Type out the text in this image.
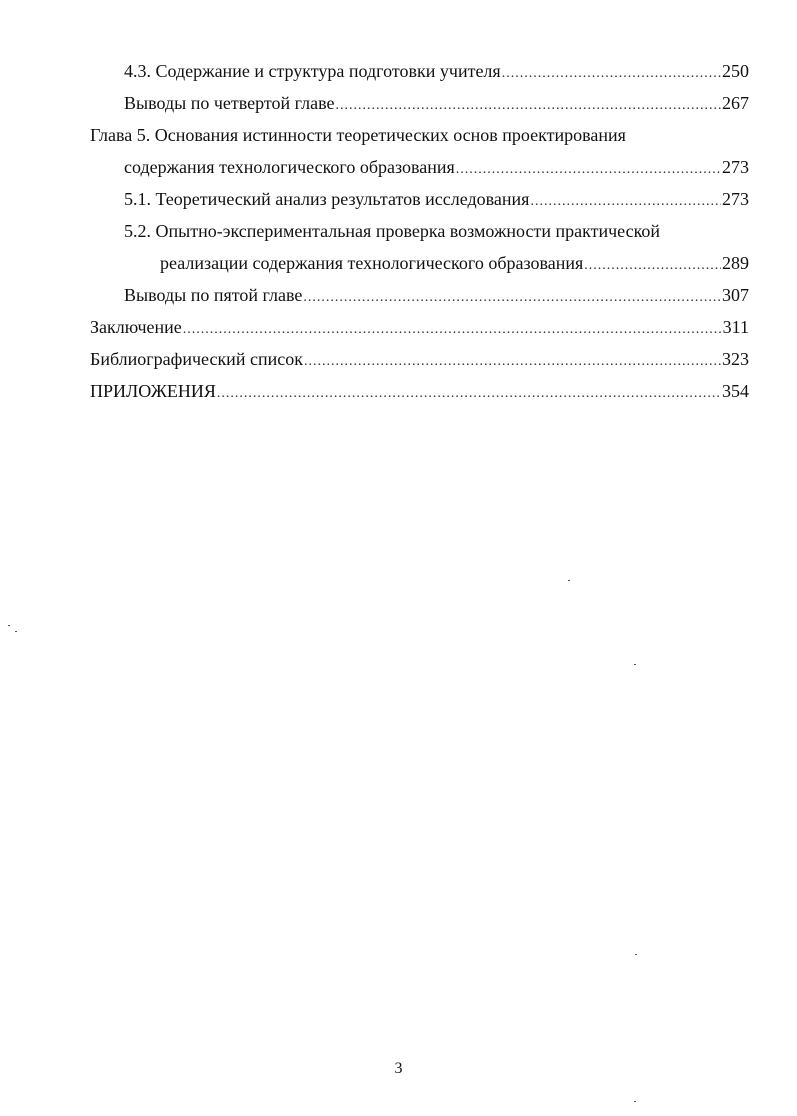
4.3. Содержание и структура подготовки учителя .....	250
Выводы по четвертой главе .....	267
Глава 5. Основания истинности теоретических основ проектирования
содержания технологического образования .....	273
5.1. Теоретический анализ результатов исследования .....	273
5.2. Опытно-экспериментальная проверка возможности практической
реализации содержания технологического образования .....	289
Выводы по пятой главе .....	307
Заключение .....	311
Библиографический список .....	323
ПРИЛОЖЕНИЯ .....	354
3
